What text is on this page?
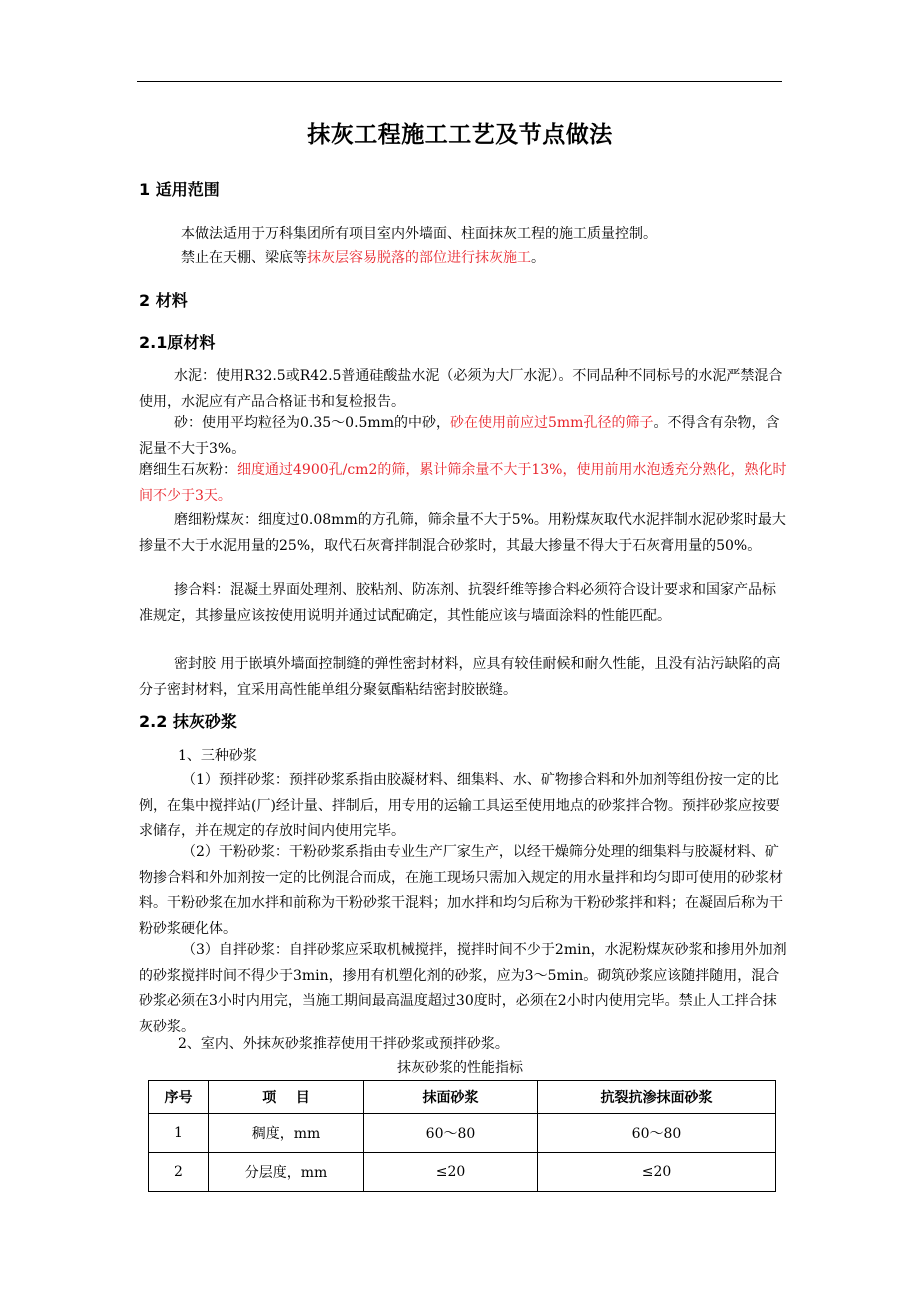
抹灰工程施工工艺及节点做法
1 适用范围
本做法适用于万科集团所有项目室内外墙面、柱面抹灰工程的施工质量控制。
禁止在天棚、梁底等抹灰层容易脱落的部位进行抹灰施工。
2 材料
2.1原材料
水泥：使用R32.5或R42.5普通硅酸盐水泥（必须为大厂水泥）。不同品种不同标号的水泥严禁混合使用，水泥应有产品合格证书和复检报告。
砂：使用平均粒径为0.35～0.5mm的中砂，砂在使用前应过5mm孔径的筛子。不得含有杂物，含泥量不大于3%。
磨细生石灰粉：细度通过4900孔/cm2的筛，累计筛余量不大于13%，使用前用水泡透充分熟化，熟化时间不少于3天。
磨细粉煤灰：细度过0.08mm的方孔筛，筛余量不大于5%。用粉煤灰取代水泥拌制水泥砂浆时最大掺量不大于水泥用量的25%，取代石灰膏拌制混合砂浆时，其最大掺量不得大于石灰膏用量的50%。
掺合料：混凝土界面处理剂、胶粘剂、防冻剂、抗裂纤维等掺合料必须符合设计要求和国家产品标准规定，其掺量应该按使用说明并通过试配确定，其性能应该与墙面涂料的性能匹配。
密封胶 用于嵌填外墙面控制缝的弹性密封材料，应具有较佳耐候和耐久性能，且没有沾污缺陷的高分子密封材料，宜采用高性能单组分聚氨酯粘结密封胶嵌缝。
2.2 抹灰砂浆
1、三种砂浆
（1）预拌砂浆：预拌砂浆系指由胶凝材料、细集料、水、矿物掺合料和外加剂等组份按一定的比例，在集中搅拌站(厂)经计量、拌制后，用专用的运输工具运至使用地点的砂浆拌合物。预拌砂浆应按要求储存，并在规定的存放时间内使用完毕。
（2）干粉砂浆：干粉砂浆系指由专业生产厂家生产，以经干燥筛分处理的细集料与胶凝材料、矿物掺合料和外加剂按一定的比例混合而成，在施工现场只需加入规定的用水量拌和均匀即可使用的砂浆材料。干粉砂浆在加水拌和前称为干粉砂浆干混料；加水拌和均匀后称为干粉砂浆拌和料；在凝固后称为干粉砂浆硬化体。
（3）自拌砂浆：自拌砂浆应采取机械搅拌，搅拌时间不少于2min，水泥粉煤灰砂浆和掺用外加剂的砂浆搅拌时间不得少于3min，掺用有机塑化剂的砂浆，应为3～5min。砌筑砂浆应该随拌随用，混合砂浆必须在3小时内用完，当施工期间最高温度超过30度时，必须在2小时内使用完毕。禁止人工拌合抹灰砂浆。
2、室内、外抹灰砂浆推荐使用干拌砂浆或预拌砂浆。
抹灰砂浆的性能指标
序号	项    目	抹面砂浆	抗裂抗渗抹面砂浆
1	稠度，mm	60～80	60～80
2	分层度，mm	≤20	≤20
